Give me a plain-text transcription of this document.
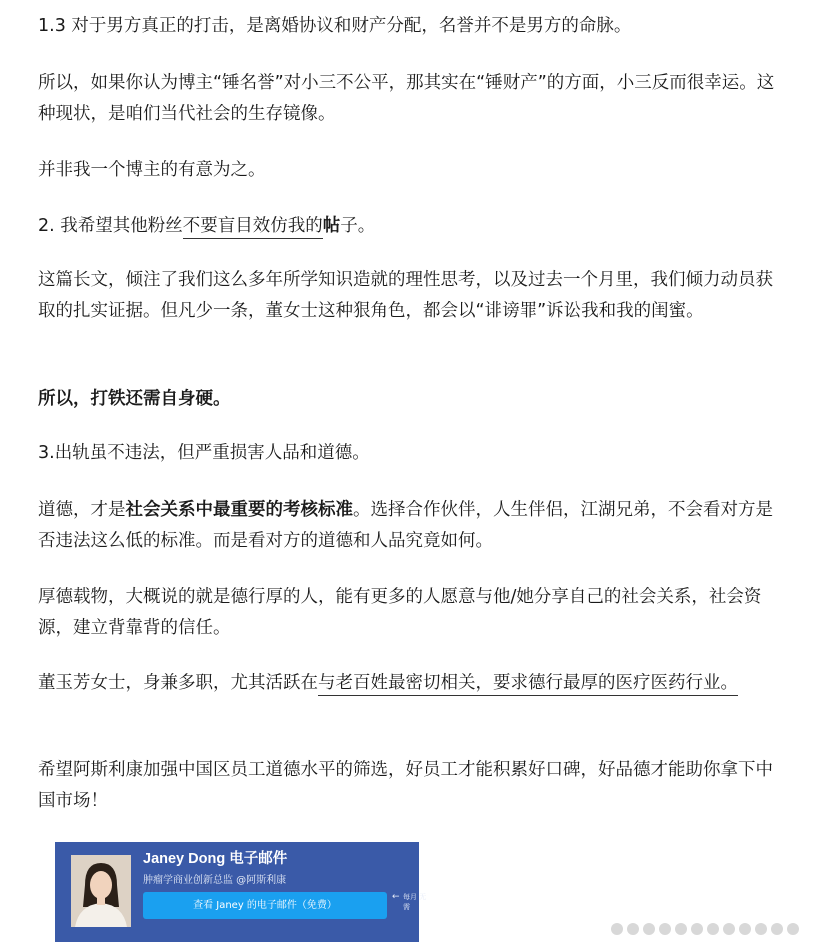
1.3 对于男方真正的打击，是离婚协议和财产分配，名誉并不是男方的命脉。

所以，如果你认为博主“锤名誉”对小三不公平，那其实在“锤财产”的方面，小三反而很幸运。这种现状，是咱们当代社会的生存镜像。

并非我一个博主的有意为之。

2. 我希望其他粉丝不要盲目效仿我的帖子。

这篇长文，倾注了我们这么多年所学知识造就的理性思考，以及过去一个月里，我们倾力动员获取的扎实证据。但凡少一条，董女士这种狠角色，都会以“诽谤罪”诉讼我和我的闺蜜。

所以，打铁还需自身硬。

3.出轨虽不违法，但严重损害人品和道德。

道德，才是社会关系中最重要的考核标准。选择合作伙伴，人生伴侣，江湖兄弟，不会看对方是否违法这么低的标准。而是看对方的道德和人品究竟如何。

厚德载物，大概说的就是德行厚的人，能有更多的人愿意与他/她分享自己的社会关系，社会资源，建立背靠背的信任。

董玉芳女士，身兼多职，尤其活跃在与老百姓最密切相关，要求德行最厚的医疗医药行业。

希望阿斯利康加强中国区员工道德水平的筛选，好员工才能积累好口碑，好品德才能助你拿下中国市场！

Janey Dong 电子邮件
肿瘤学商业创新总监 @阿斯利康
查看 Janey 的电子邮件（免费）
每月 无需
←
